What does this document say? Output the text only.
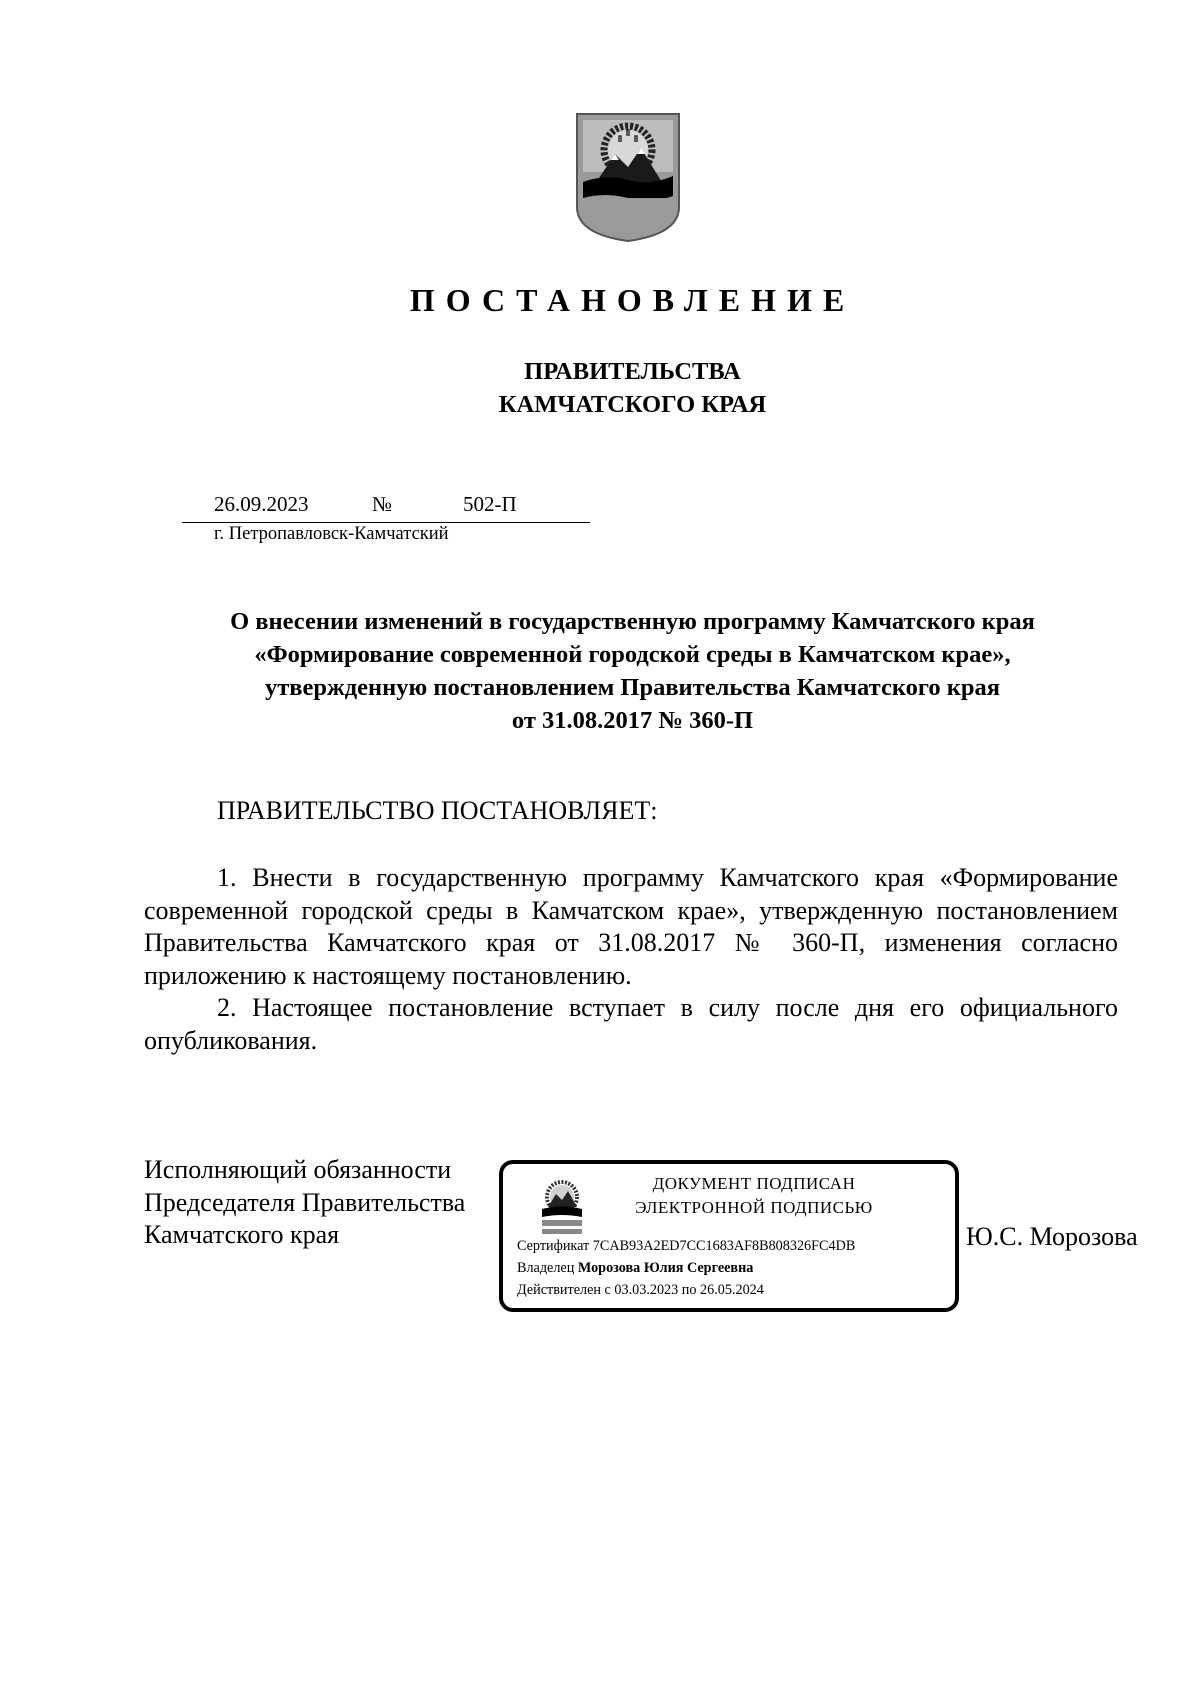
ПОСТАНОВЛЕНИЕ
ПРАВИТЕЛЬСТВА
КАМЧАТСКОГО КРАЯ
26.09.2023	№	502-П
г. Петропавловск-Камчатский
О внесении изменений в государственную программу Камчатского края
«Формирование современной городской среды в Камчатском крае»,
утвержденную постановлением Правительства Камчатского края
от 31.08.2017 № 360-П
ПРАВИТЕЛЬСТВО ПОСТАНОВЛЯЕТ:

1. Внести в государственную программу Камчатского края «Формирование современной городской среды в Камчатском крае», утвержденную постановлением Правительства Камчатского края от 31.08.2017 № 360-П, изменения согласно приложению к настоящему постановлению.

2. Настоящее постановление вступает в силу после дня его официального опубликования.

Исполняющий обязанности
Председателя Правительства
Камчатского края
ДОКУМЕНТ ПОДПИСАН
ЭЛЕКТРОННОЙ ПОДПИСЬЮ
Сертификат 7CAB93A2ED7CC1683AF8B808326FC4DB
Владелец Морозова Юлия Сергеевна
Действителен с 03.03.2023 по 26.05.2024
Ю.С. Морозова
